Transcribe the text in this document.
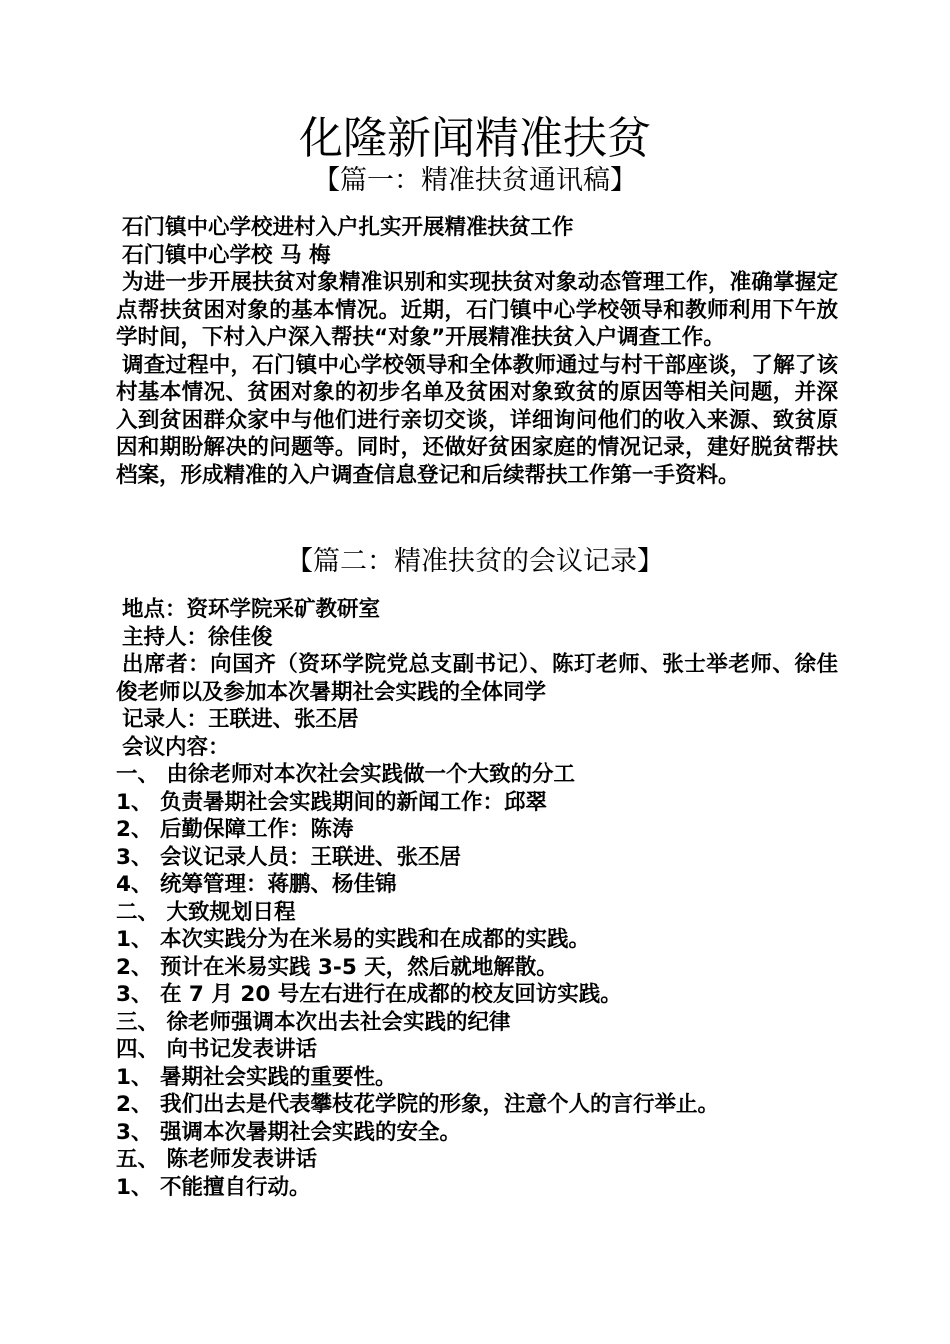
化隆新闻精准扶贫
【篇一：精准扶贫通讯稿】
石门镇中心学校进村入户扎实开展精准扶贫工作
石门镇中心学校 马 梅
为进一步开展扶贫对象精准识别和实现扶贫对象动态管理工作，准确掌握定点帮扶贫困对象的基本情况。近期，石门镇中心学校领导和教师利用下午放学时间，下村入户深入帮扶“对象”开展精准扶贫入户调查工作。
调查过程中，石门镇中心学校领导和全体教师通过与村干部座谈，了解了该村基本情况、贫困对象的初步名单及贫困对象致贫的原因等相关问题，并深入到贫困群众家中与他们进行亲切交谈，详细询问他们的收入来源、致贫原因和期盼解决的问题等。同时，还做好贫困家庭的情况记录，建好脱贫帮扶档案，形成精准的入户调查信息登记和后续帮扶工作第一手资料。
【篇二：精准扶贫的会议记录】
地点：资环学院采矿教研室
主持人：徐佳俊
出席者：向国齐（资环学院党总支副书记）、陈玎老师、张士举老师、徐佳俊老师以及参加本次暑期社会实践的全体同学
记录人：王联进、张丕居
会议内容：
一、 由徐老师对本次社会实践做一个大致的分工
1、 负责暑期社会实践期间的新闻工作：邱翠
2、 后勤保障工作：陈涛
3、 会议记录人员：王联进、张丕居
4、 统筹管理：蒋鹏、杨佳锦
二、 大致规划日程
1、 本次实践分为在米易的实践和在成都的实践。
2、 预计在米易实践 3-5 天，然后就地解散。
3、 在 7 月 20 号左右进行在成都的校友回访实践。
三、 徐老师强调本次出去社会实践的纪律
四、 向书记发表讲话
1、 暑期社会实践的重要性。
2、 我们出去是代表攀枝花学院的形象，注意个人的言行举止。
3、 强调本次暑期社会实践的安全。
五、 陈老师发表讲话
1、 不能擅自行动。
